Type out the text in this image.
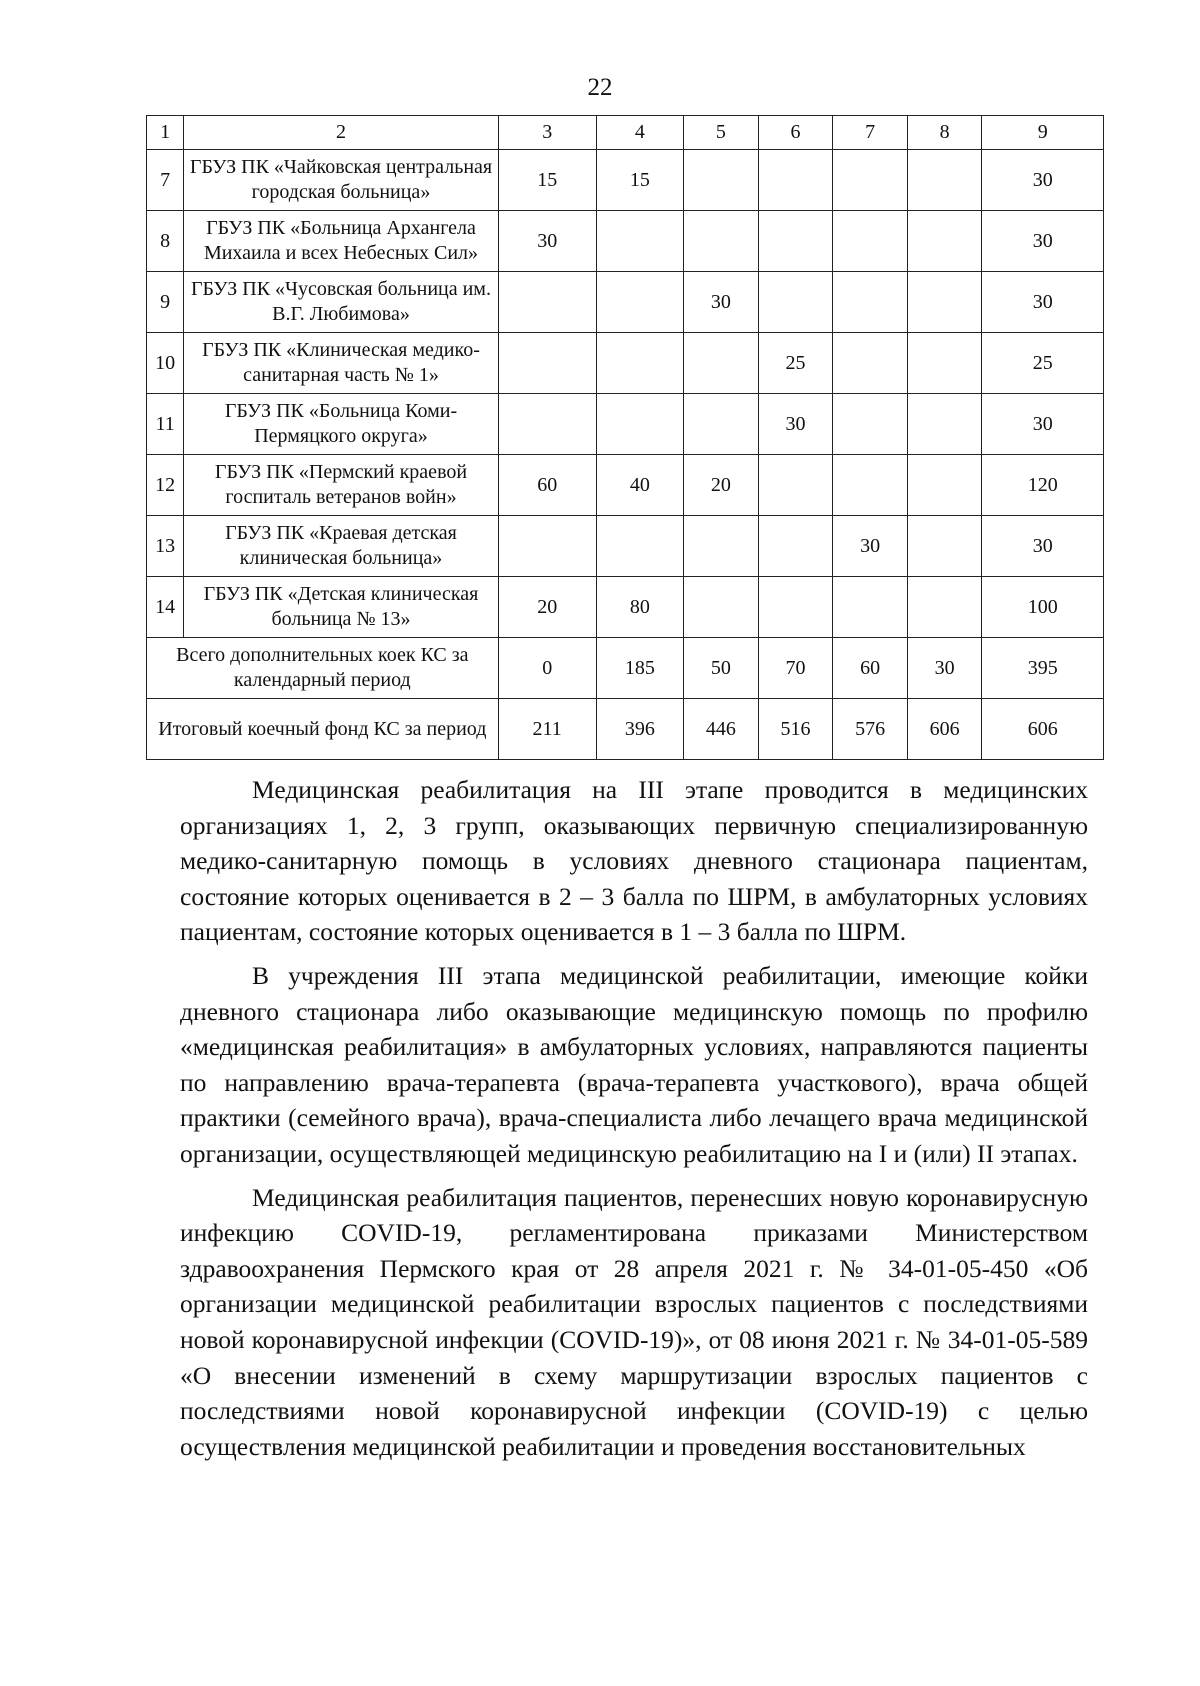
22
1	2	3	4	5	6	7	8	9
7	ГБУЗ ПК «Чайковская центральная городская больница»	15	15					30
8	ГБУЗ ПК «Больница Архангела Михаила и всех Небесных Сил»	30						30
9	ГБУЗ ПК «Чусовская больница им. В.Г. Любимова»			30				30
10	ГБУЗ ПК «Клиническая медико-санитарная часть № 1»				25			25
11	ГБУЗ ПК «Больница Коми-Пермяцкого округа»				30			30
12	ГБУЗ ПК «Пермский краевой госпиталь ветеранов войн»	60	40	20				120
13	ГБУЗ ПК «Краевая детская клиническая больница»					30		30
14	ГБУЗ ПК «Детская клиническая больница № 13»	20	80					100
Всего дополнительных коек КС за календарный период		0	185	50	70	60	30	395
Итоговый коечный фонд КС за период		211	396	446	516	576	606	606

Медицинская реабилитация на III этапе проводится в медицинских организациях 1, 2, 3 групп, оказывающих первичную специализированную медико-санитарную помощь в условиях дневного стационара пациентам, состояние которых оценивается в 2 – 3 балла по ШРМ, в амбулаторных условиях пациентам, состояние которых оценивается в 1 – 3 балла по ШРМ.

В учреждения III этапа медицинской реабилитации, имеющие койки дневного стационара либо оказывающие медицинскую помощь по профилю «медицинская реабилитация» в амбулаторных условиях, направляются пациенты по направлению врача-терапевта (врача-терапевта участкового), врача общей практики (семейного врача), врача-специалиста либо лечащего врача медицинской организации, осуществляющей медицинскую реабилитацию на I и (или) II этапах.

Медицинская реабилитация пациентов, перенесших новую коронавирусную инфекцию COVID-19, регламентирована приказами Министерством здравоохранения Пермского края от 28 апреля 2021 г. № 34-01-05-450 «Об организации медицинской реабилитации взрослых пациентов с последствиями новой коронавирусной инфекции (COVID-19)», от 08 июня 2021 г. № 34-01-05-589 «О внесении изменений в схему маршрутизации взрослых пациентов с последствиями новой коронавирусной инфекции (COVID-19) с целью осуществления медицинской реабилитации и проведения восстановительных
